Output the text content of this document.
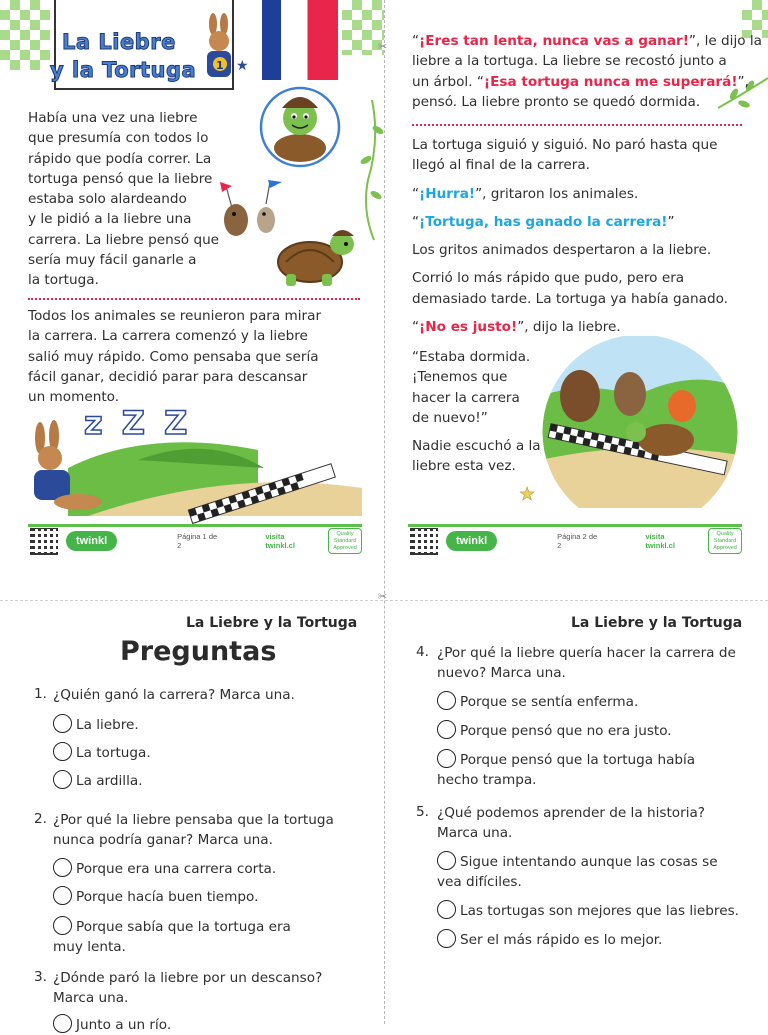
La Liebre
y la Tortuga 1 ★
✂
✂
Había una vez una liebre
que presumía con todos lo
rápido que podía correr. La
tortuga pensó que la liebre
estaba solo alardeando
y le pidió a la liebre una
carrera. La liebre pensó que
sería muy fácil ganarle a
la tortuga.
Todos los animales se reunieron para mirar
la carrera. La carrera comenzó y la liebre
salió muy rápido. Como pensaba que sería
fácil ganar, decidió parar para descansar
un momento.
z Z Z
twinkl	Página 1 de 2
visita twinkl.cl
Quality Standard Approved
“¡Eres tan lenta, nunca vas a ganar!”, le dijo la
liebre a la tortuga. La liebre se recostó junto a
un árbol. “¡Esa tortuga nunca me superará!”,
pensó. La liebre pronto se quedó dormida.
La tortuga siguió y siguió. No paró hasta que
llegó al final de la carrera.
“¡Hurra!”, gritaron los animales.
“¡Tortuga, has ganado la carrera!”
Los gritos animados despertaron a la liebre.
Corrió lo más rápido que pudo, pero era
demasiado tarde. La tortuga ya había ganado.
“¡No es justo!”, dijo la liebre.
“Estaba dormida.
¡Tenemos que
hacer la carrera
de nuevo!”
Nadie escuchó a la
liebre esta vez.
★
twinkl	Página 2 de 2
visita twinkl.cl
Quality Standard Approved
La Liebre y la Tortuga
Preguntas
1. ¿Quién ganó la carrera? Marca una.
La liebre.
La tortuga.
La ardilla.
2. ¿Por qué la liebre pensaba que la tortuga
nunca podría ganar? Marca una.
Porque era una carrera corta.
Porque hacía buen tiempo.
Porque sabía que la tortuga era
muy lenta.
3. ¿Dónde paró la liebre por un descanso?
Marca una.
Junto a un río.
La Liebre y la Tortuga
4. ¿Por qué la liebre quería hacer la carrera de
nuevo? Marca una.
Porque se sentía enferma.
Porque pensó que no era justo.
Porque pensó que la tortuga había
hecho trampa.
5. ¿Qué podemos aprender de la historia?
Marca una.
Sigue intentando aunque las cosas se
vea difíciles.
Las tortugas son mejores que las liebres.
Ser el más rápido es lo mejor.
